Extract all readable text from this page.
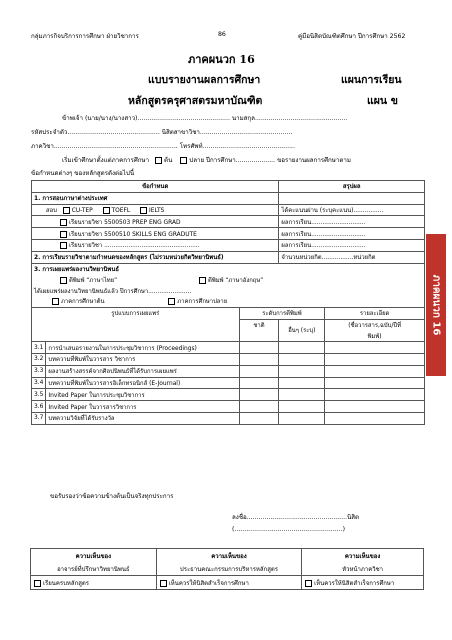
กลุ่มภารกิจบริการการศึกษา ฝ่ายวิชาการ	86	คู่มือนิสิตบัณฑิตศึกษา ปีการศึกษา 2562
ภาคผนวก 16
แบบรายงานผลการศึกษา	แผนการเรียน
หลักสูตรครุศาสตรมหาบัณฑิต	แผน ข
ข้าพเจ้า (นาย/นาง/นางสาว)............................................... นามสกุล...............................................
รหัสประจำตัว............................................... นิสิตสาขาวิชา...............................................
ภาควิชา............................................................... โทรศัพท์...............................................
เริ่มเข้าศึกษาตั้งแต่ภาคการศึกษา ต้น	ปลาย ปีการศึกษา.................... ขอรายงานผลการศึกษาตาม
ข้อกำหนดต่างๆ ของหลักสูตรดังต่อไปนี้
ข้อกำหนด			สรุปผล	
1. การสอบภาษาต่างประเทศ				
สอบ CU-TEP TOEFL IELTS			ได้คะแนนผ่าน (ระบุคะแนน)................	
เรียนรายวิชา 5500503 PREP ENG GRAD			ผลการเรียน.............................	
เรียนรายวิชา 5500510 SKILLS ENG GRADUTE			ผลการเรียน.............................	
เรียนรายวิชา ...................................................			ผลการเรียน.............................	
2. การเรียนรายวิชาตามกำหนดของหลักสูตร (ไม่รวมหน่วยกิตวิทยานิพนธ์)			จำนวนหน่วยกิต.................หน่วยกิต	
3. การเผยแพร่ผลงานวิทยานิพนธ์				
ตีพิมพ์ “ภาษาไทย” ตีพิมพ์ “ภาษาอังกฤษ”				
ได้เผยแพร่ผลงานวิทยานิพนธ์แล้ว ปีการศึกษา.......................				
ภาคการศึกษาต้น ภาคการศึกษาปลาย				
รูปแบบการเผยแพร่		ระดับการตีพิมพ์		รายละเอียด
		ชาติ	อื่นๆ (ระบุ)	(ชื่อวารสาร,ฉบับ/ปีที่
				พิมพ์)
3.1	การนำเสนอรายงานในการประชุมวิชาการ (Proceedings)			
3.2	บทความที่พิมพ์ในวารสาร วิชาการ			
3.3	ผลงานสร้างสรรค์จากศิลปนิพนธ์ที่ได้รับการเผยแพร่			
3.4	บทความที่พิมพ์ในวารสารอิเล็กทรอนิกส์ (E-Journal)			
3.5	Invited Paper ในการประชุมวิชาการ			
3.6	Invited Paper ในวารสารวิชาการ			
3.7	บทความวิจัยที่ได้รับรางวัล			
ขอรับรองว่าข้อความข้างต้นเป็นจริงทุกประการ
ลงชื่อ...................................................นิสิต
(.......................................................)
ความเห็นของ	ความเห็นของ	ความเห็นของ
อาจารย์ที่ปรึกษาวิทยานิพนธ์	ประธานคณะกรรมการบริหารหลักสูตร	หัวหน้าภาควิชา
เรียนครบหลักสูตร	เห็นควรให้นิสิตสำเร็จการศึกษา	เห็นควรให้นิสิตสำเร็จการศึกษา
ภาคผนวก 16
